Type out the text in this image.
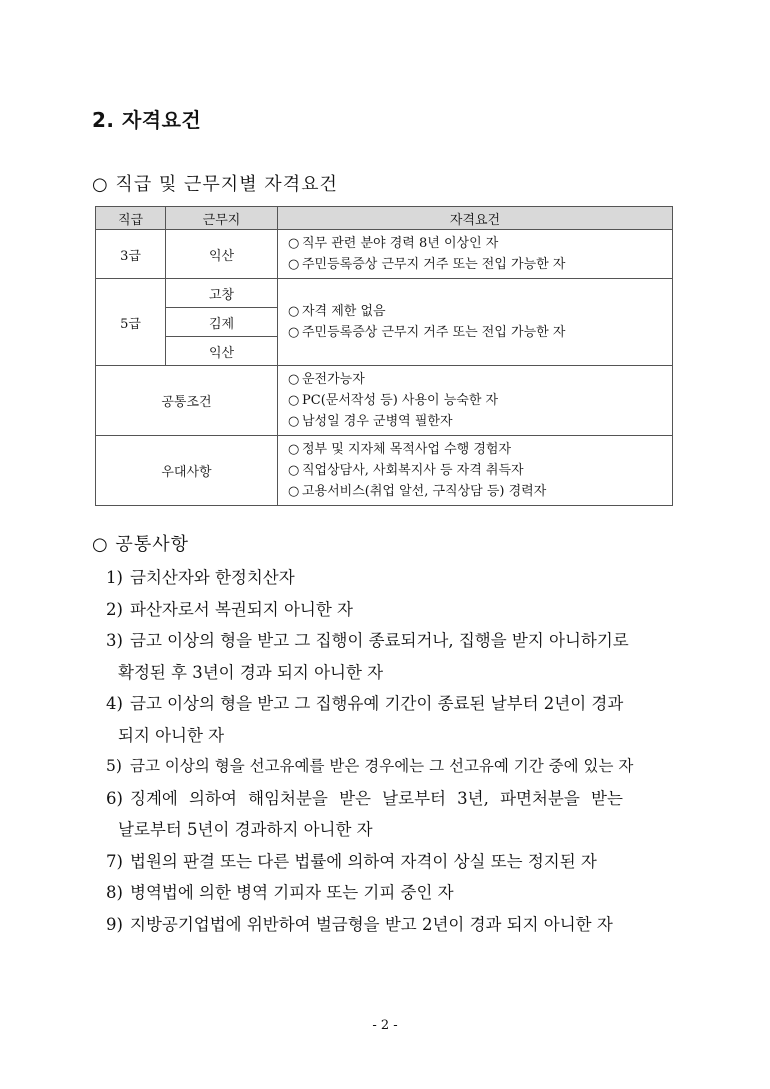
2. 자격요건
○ 직급 및 근무지별 자격요건
직급	근무지	자격요건
3급	익산	○ 직무 관련 분야 경력 8년 이상인 자
○ 주민등록증상 근무지 거주 또는 전입 가능한 자

5급	고창	○ 자격 제한 없음
○ 주민등록증상 근무지 거주 또는 전입 가능한 자

	김제	
	익산	
공통조건		○ 운전가능자
○ PC(문서작성 등) 사용이 능숙한 자
○ 남성일 경우 군병역 필한자

우대사항		○ 정부 및 지자체 목적사업 수행 경험자
○ 직업상담사, 사회복지사 등 자격 취득자
○ 고용서비스(취업 알선, 구직상담 등) 경력자
○ 공통사항
1) 금치산자와 한정치산자
2) 파산자로서 복권되지 아니한 자
3) 금고 이상의 형을 받고 그 집행이 종료되거나, 집행을 받지 아니하기로
확정된 후 3년이 경과 되지 아니한 자
4) 금고 이상의 형을 받고 그 집행유예 기간이 종료된 날부터 2년이 경과
되지 아니한 자
5) 금고 이상의 형을 선고유예를 받은 경우에는 그 선고유예 기간 중에 있는 자
6) 징계에 의하여 해임처분을 받은 날로부터 3년, 파면처분을 받는
날로부터 5년이 경과하지 아니한 자
7) 법원의 판결 또는 다른 법률에 의하여 자격이 상실 또는 정지된 자
8) 병역법에 의한 병역 기피자 또는 기피 중인 자
9) 지방공기업법에 위반하여 벌금형을 받고 2년이 경과 되지 아니한 자
- 2 -
